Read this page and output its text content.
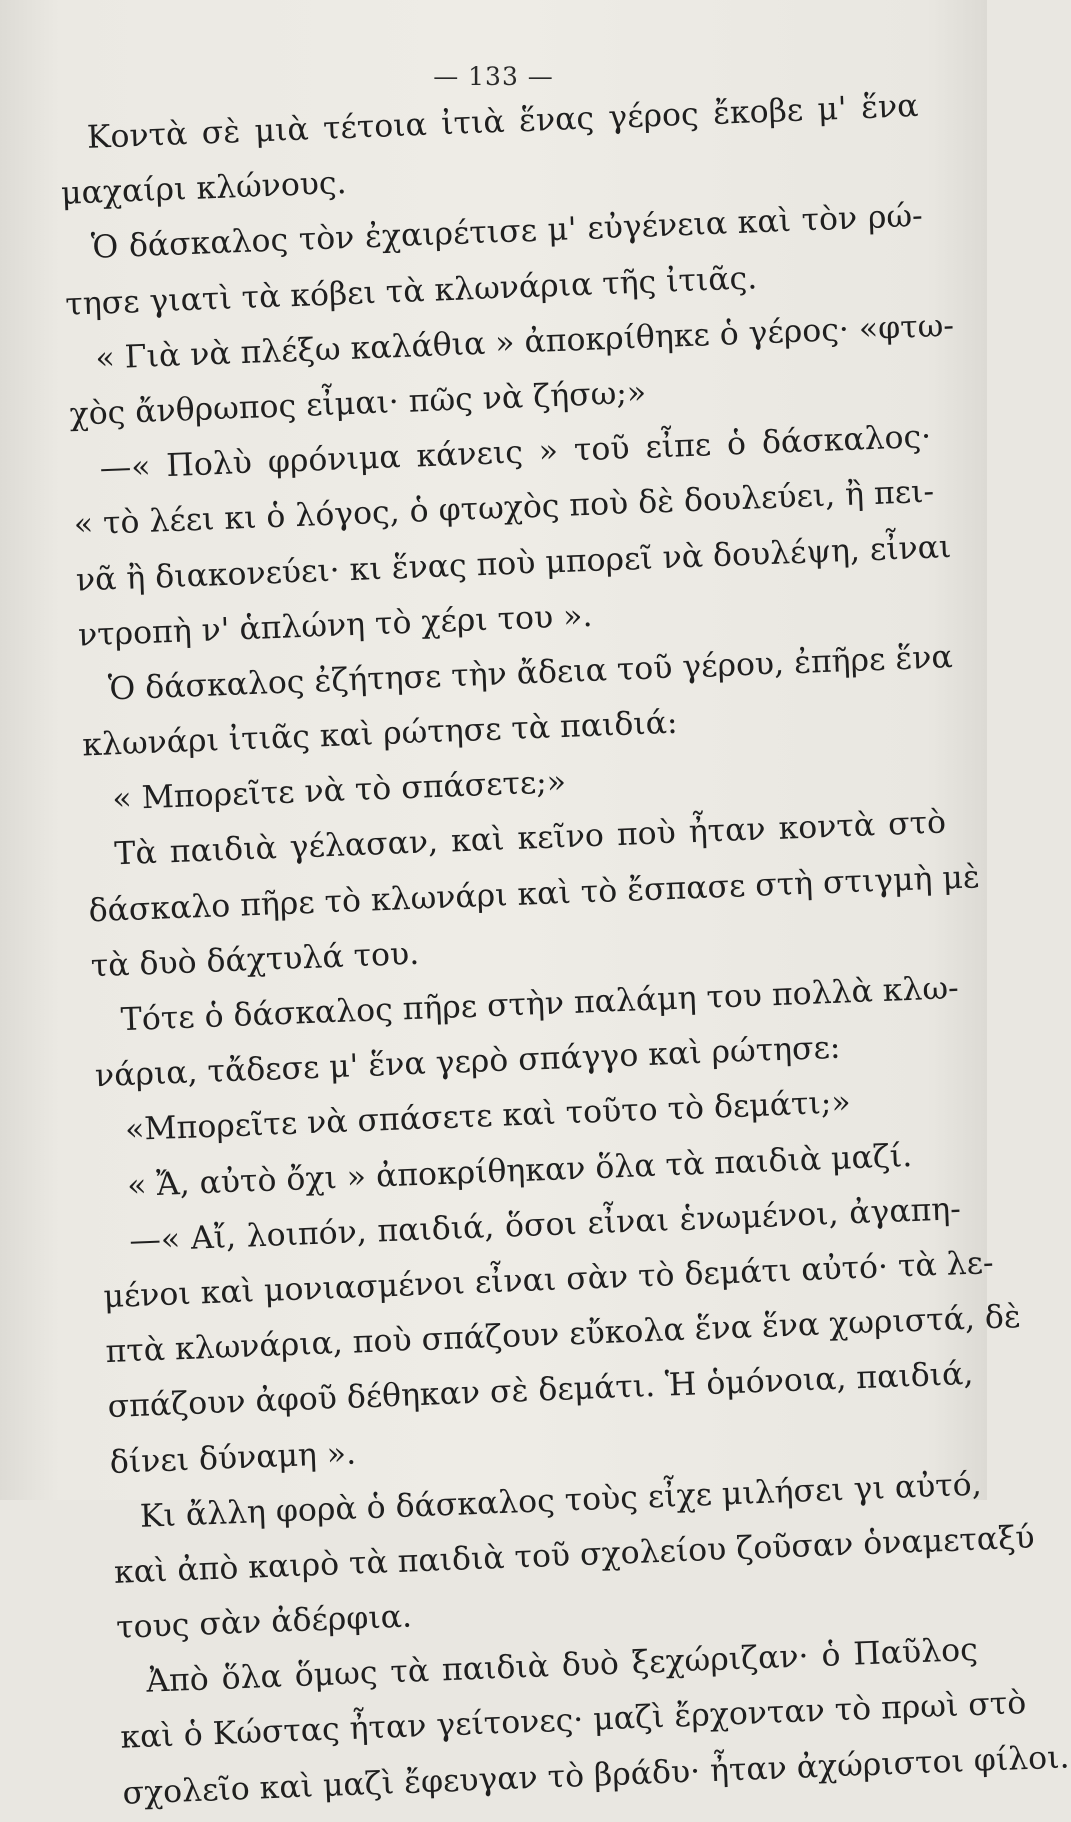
— 133 —
Κοντὰ σὲ μιὰ τέτοια ἰτιὰ ἕνας γέρος ἔκοβε μ' ἕνα
μαχαίρι κλώνους.
Ὁ δάσκαλος τὸν ἐχαιρέτισε μ' εὐγένεια καὶ τὸν ρώ-
τησε γιατὶ τὰ κόβει τὰ κλωνάρια τῆς ἰτιᾶς.
« Γιὰ νὰ πλέξω καλάθια » ἀποκρίθηκε ὁ γέρος· «φτω-
χὸς ἄνθρωπος εἶμαι· πῶς νὰ ζήσω;»
—« Πολὺ φρόνιμα κάνεις » τοῦ εἶπε ὁ δάσκαλος·
« τὸ λέει κι ὁ λόγος, ὁ φτωχὸς ποὺ δὲ δουλεύει, ἢ πει-
νᾶ ἢ διακονεύει· κι ἕνας ποὺ μπορεῖ νὰ δουλέψη, εἶναι
ντροπὴ ν' ἁπλώνη τὸ χέρι του ».
Ὁ δάσκαλος ἐζήτησε τὴν ἄδεια τοῦ γέρου, ἐπῆρε ἕνα
κλωνάρι ἰτιᾶς καὶ ρώτησε τὰ παιδιά:
« Μπορεῖτε νὰ τὸ σπάσετε;»
Τὰ παιδιὰ γέλασαν, καὶ κεῖνο ποὺ ἦταν κοντὰ στὸ
δάσκαλο πῆρε τὸ κλωνάρι καὶ τὸ ἔσπασε στὴ στιγμὴ μὲ
τὰ δυὸ δάχτυλά του.
Τότε ὁ δάσκαλος πῆρε στὴν παλάμη του πολλὰ κλω-
νάρια, τἄδεσε μ' ἕνα γερὸ σπάγγο καὶ ρώτησε:
«Μπορεῖτε νὰ σπάσετε καὶ τοῦτο τὸ δεμάτι;»
« Ἄ, αὐτὸ ὄχι » ἀποκρίθηκαν ὅλα τὰ παιδιὰ μαζί.
—« Αἴ, λοιπόν, παιδιά, ὅσοι εἶναι ἑνωμένοι, ἀγαπη-
μένοι καὶ μονιασμένοι εἶναι σὰν τὸ δεμάτι αὐτό· τὰ λε-
πτὰ κλωνάρια, ποὺ σπάζουν εὔκολα ἕνα ἕνα χωριστά, δὲ
σπάζουν ἀφοῦ δέθηκαν σὲ δεμάτι. Ἡ ὁμόνοια, παιδιά,
δίνει δύναμη ».
Κι ἄλλη φορὰ ὁ δάσκαλος τοὺς εἶχε μιλήσει γι αὐτό,
καὶ ἀπὸ καιρὸ τὰ παιδιὰ τοῦ σχολείου ζοῦσαν ὁναμεταξύ
τους σὰν ἀδέρφια.
Ἀπὸ ὅλα ὅμως τὰ παιδιὰ δυὸ ξεχώριζαν· ὁ Παῦλος
καὶ ὁ Κώστας ἦταν γείτονες· μαζὶ ἔρχονταν τὸ πρωὶ στὸ
σχολεῖο καὶ μαζὶ ἔφευγαν τὸ βράδυ· ἦταν ἀχώριστοι φίλοι.
